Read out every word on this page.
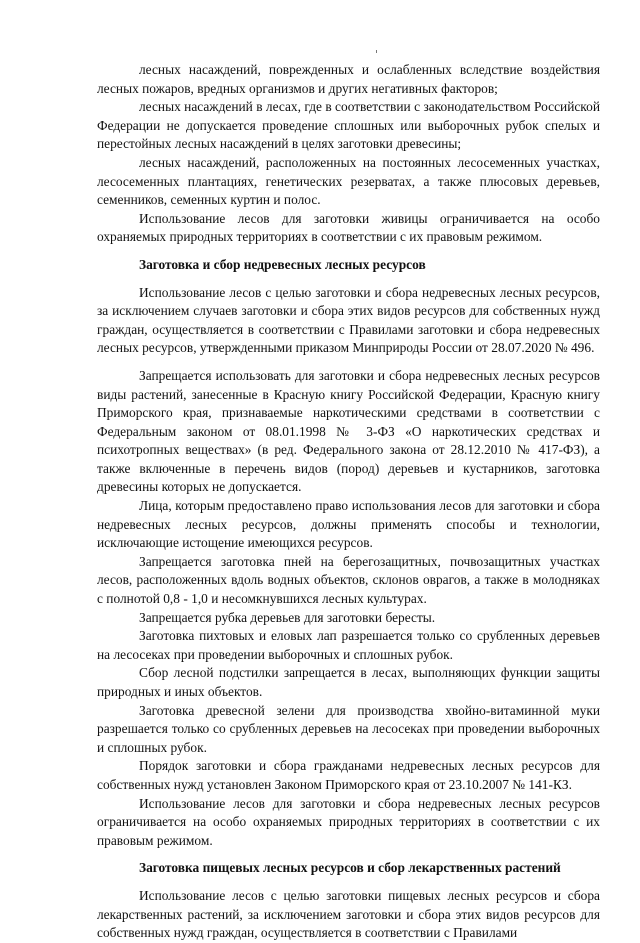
лесных насаждений, поврежденных и ослабленных вследствие воздействия лесных пожаров, вредных организмов и других негативных факторов;

лесных насаждений в лесах, где в соответствии с законодательством Российской Федерации не допускается проведение сплошных или выборочных рубок спелых и перестойных лесных насаждений в целях заготовки древесины;

лесных насаждений, расположенных на постоянных лесосеменных участках, лесосеменных плантациях, генетических резерватах, а также плюсовых деревьев, семенников, семенных куртин и полос.

Использование лесов для заготовки живицы ограничивается на особо охраняемых природных территориях в соответствии с их правовым режимом.

Заготовка и сбор недревесных лесных ресурсов

Использование лесов с целью заготовки и сбора недревесных лесных ресурсов, за исключением случаев заготовки и сбора этих видов ресурсов для собственных нужд граждан, осуществляется в соответствии с Правилами заготовки и сбора недревесных лесных ресурсов, утвержденными приказом Минприроды России от 28.07.2020 № 496.

Запрещается использовать для заготовки и сбора недревесных лесных ресурсов виды растений, занесенные в Красную книгу Российской Федерации, Красную книгу Приморского края, признаваемые наркотическими средствами в соответствии с Федеральным законом от 08.01.1998 № 3-ФЗ «О наркотических средствах и психотропных веществах» (в ред. Федерального закона от 28.12.2010 № 417-ФЗ), а также включенные в перечень видов (пород) деревьев и кустарников, заготовка древесины которых не допускается.

Лица, которым предоставлено право использования лесов для заготовки и сбора недревесных лесных ресурсов, должны применять способы и технологии, исключающие истощение имеющихся ресурсов.

Запрещается заготовка пней на берегозащитных, почвозащитных участках лесов, расположенных вдоль водных объектов, склонов оврагов, а также в молодняках с полнотой 0,8 - 1,0 и несомкнувшихся лесных культурах.

Запрещается рубка деревьев для заготовки бересты.

Заготовка пихтовых и еловых лап разрешается только со срубленных деревьев на лесосеках при проведении выборочных и сплошных рубок.

Сбор лесной подстилки запрещается в лесах, выполняющих функции защиты природных и иных объектов.

Заготовка древесной зелени для производства хвойно-витаминной муки разрешается только со срубленных деревьев на лесосеках при проведении выборочных и сплошных рубок.

Порядок заготовки и сбора гражданами недревесных лесных ресурсов для собственных нужд установлен Законом Приморского края от 23.10.2007 № 141-КЗ.

Использование лесов для заготовки и сбора недревесных лесных ресурсов ограничивается на особо охраняемых природных территориях в соответствии с их правовым режимом.

Заготовка пищевых лесных ресурсов и сбор лекарственных растений

Использование лесов с целью заготовки пищевых лесных ресурсов и сбора лекарственных растений, за исключением заготовки и сбора этих видов ресурсов для собственных нужд граждан, осуществляется в соответствии с Правилами
